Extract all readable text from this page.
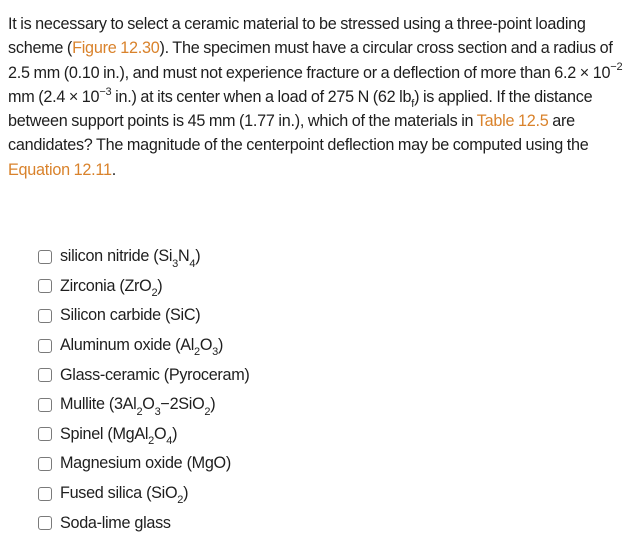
It is necessary to select a ceramic material to be stressed using a three-point loading scheme (Figure 12.30). The specimen must have a circular cross section and a radius of 2.5 mm (0.10 in.), and must not experience fracture or a deflection of more than $6.2 \times 10^{-2}$ mm ($2.4 \times 10^{-3}$ in.) at its center when a load of 275 N (62 $lb_f$) is applied. If the distance between support points is 45 mm (1.77 in.), which of the materials in Table 12.5 are candidates? The magnitude of the centerpoint deflection may be computed using the Equation 12.11.
silicon nitride $(Si_3N_4)$
Zirconia (ZrO$_2$)
Silicon carbide (SiC)
Aluminum oxide $(Al_2O_3)$
Glass-ceramic (Pyroceram)
Mullite $(3Al_2O_3-2SiO_2)$
Spinel $(MgAl_2O_4)$
Magnesium oxide (MgO)
Fused silica (SiO$_2$)
Soda-lime glass
